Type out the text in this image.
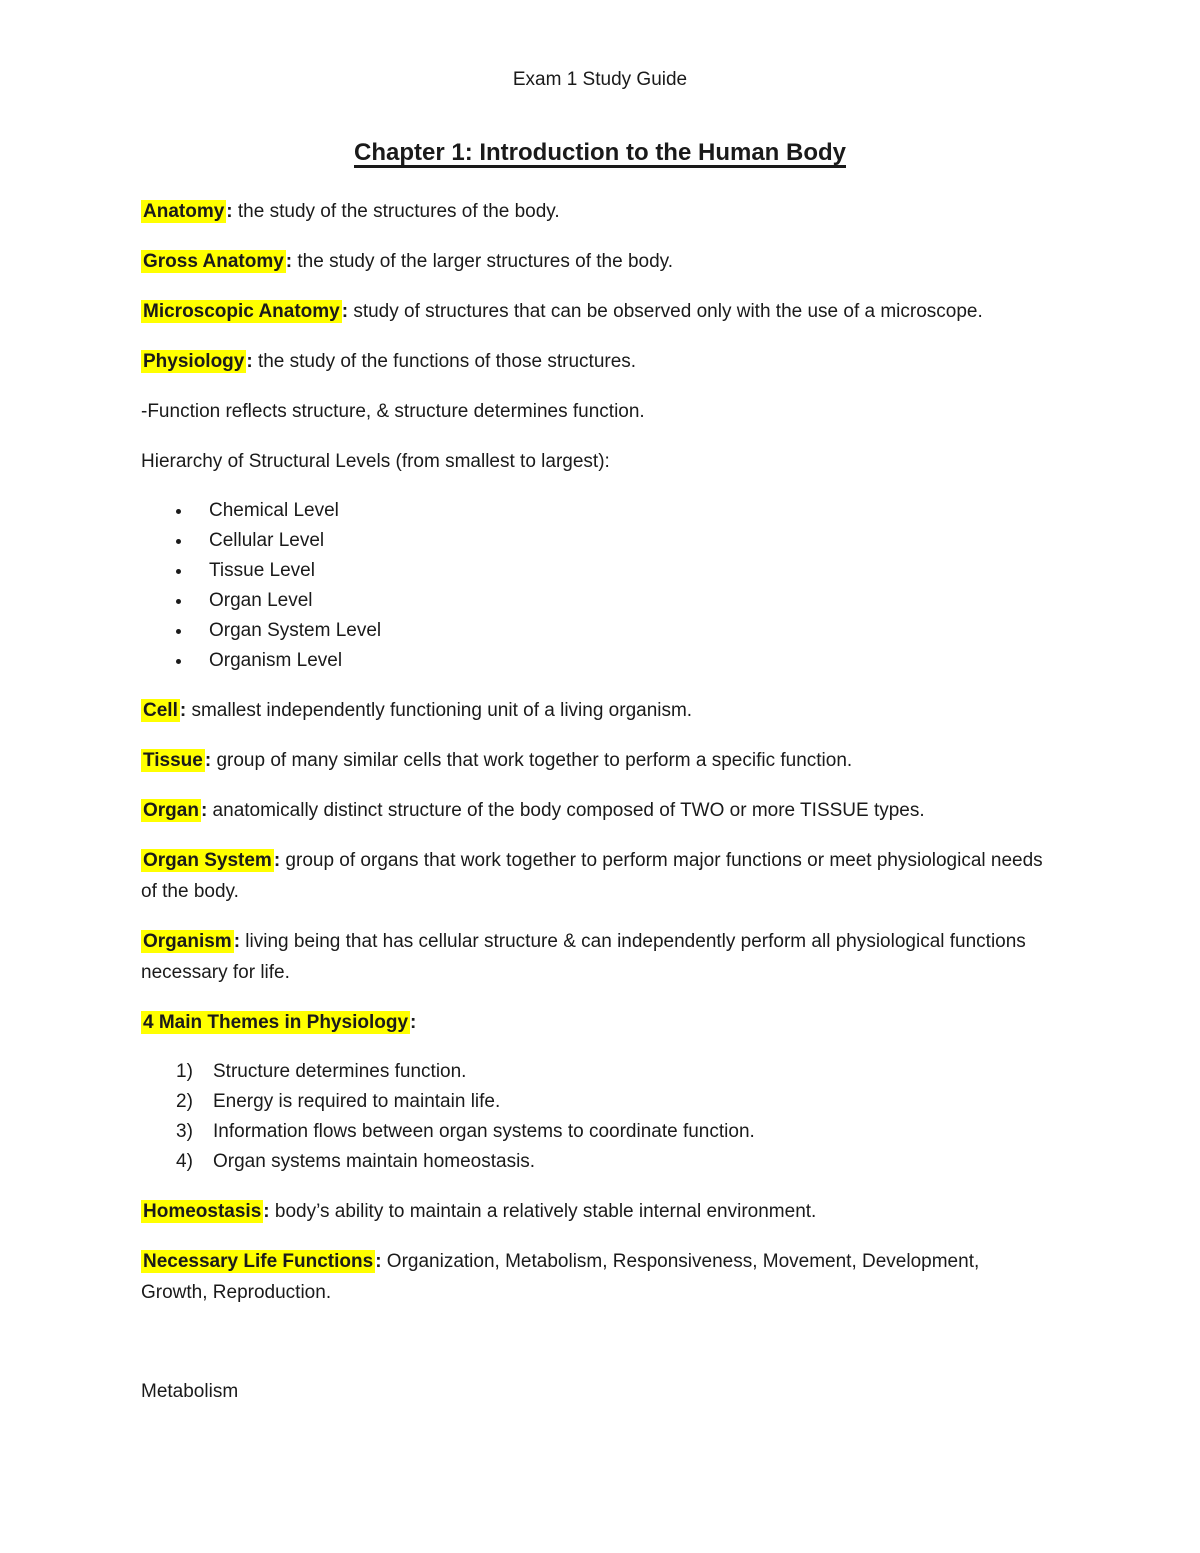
Exam 1 Study Guide
Chapter 1: Introduction to the Human Body

Anatomy : the study of the structures of the body.

Gross Anatomy : the study of the larger structures of the body.

Microscopic Anatomy : study of structures that can be observed only with the use of a microscope.

Physiology : the study of the functions of those structures.

-Function reflects structure, & structure determines function.

Hierarchy of Structural Levels (from smallest to largest):

• Chemical Level
• Cellular Level
• Tissue Level
• Organ Level
• Organ System Level
• Organism Level

Cell : smallest independently functioning unit of a living organism.

Tissue : group of many similar cells that work together to perform a specific function.

Organ : anatomically distinct structure of the body composed of TWO or more TISSUE types.

Organ System : group of organs that work together to perform major functions or meet physiological needs of the body.

Organism : living being that has cellular structure & can independently perform all physiological functions necessary for life.

4 Main Themes in Physiology :

1)	Structure determines function.
2)	Energy is required to maintain life.
3)	Information flows between organ systems to coordinate function.
4)	Organ systems maintain homeostasis.

Homeostasis : body’s ability to maintain a relatively stable internal environment.

Necessary Life Functions : Organization, Metabolism, Responsiveness, Movement, Development, Growth, Reproduction.

Metabolism
